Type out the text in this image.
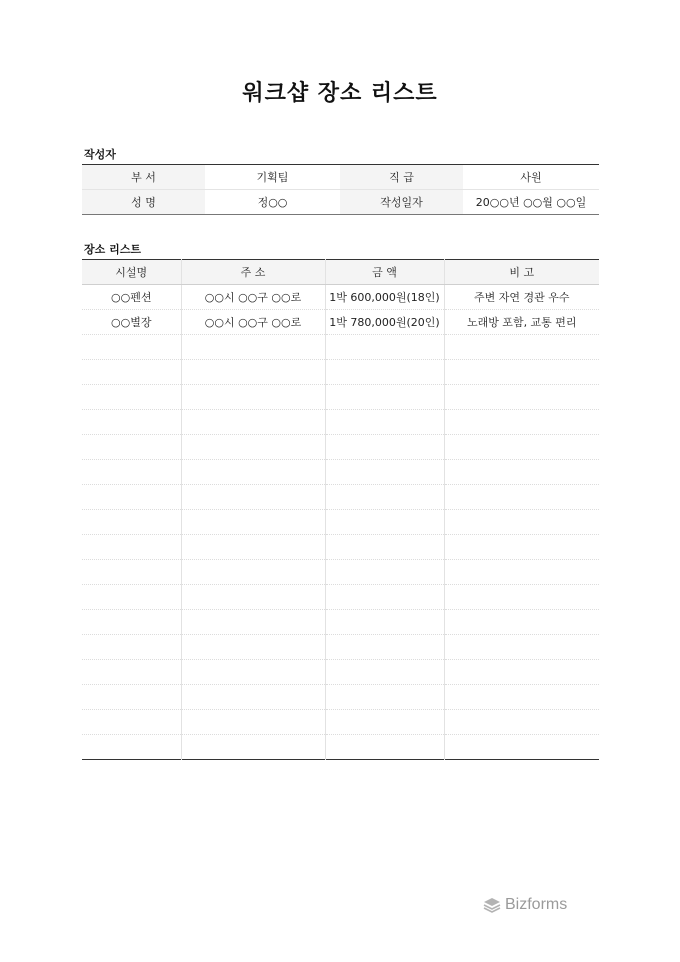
워크샵 장소 리스트
작성자
부 서	기획팀	직 급	사원
성 명	정○○	작성일자	20○○년 ○○월 ○○일
장소 리스트
시설명	주 소	금 액	비 고
○○펜션	○○시 ○○구 ○○로	1박 600,000원(18인)	주변 자연 경관 우수
○○별장	○○시 ○○구 ○○로	1박 780,000원(20인)	노래방 포함, 교통 편리

Bizforms
